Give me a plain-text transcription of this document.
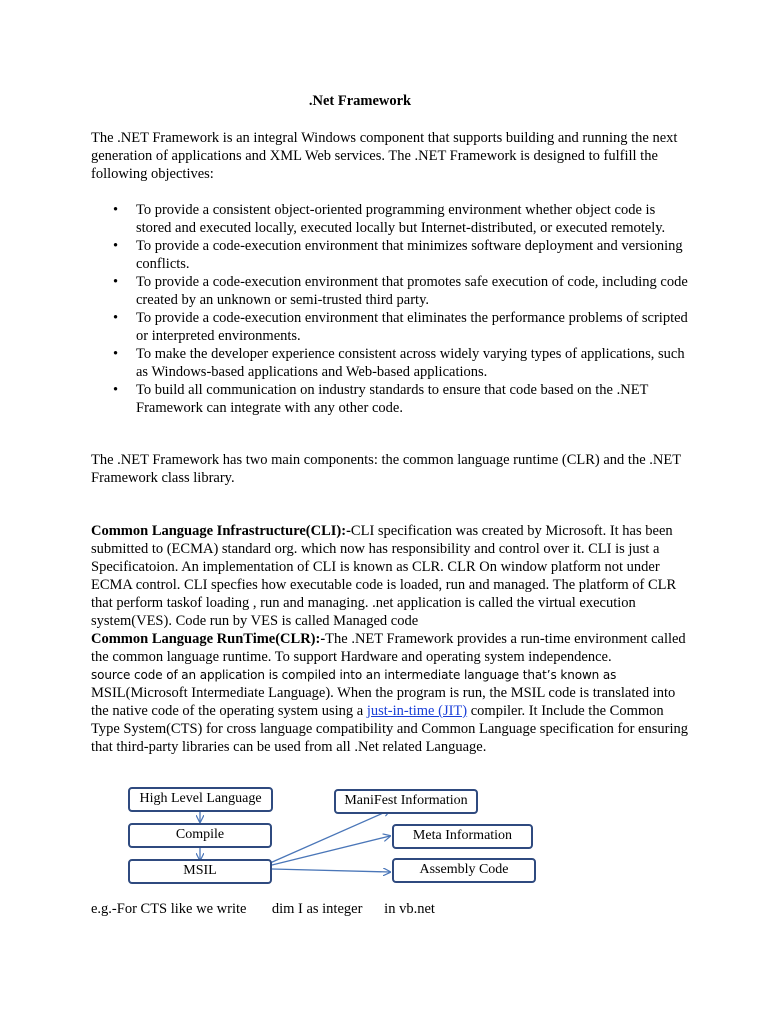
.Net Framework
The .NET Framework is an integral Windows component that supports building and running the next generation of applications and XML Web services. The .NET Framework is designed to fulfill the following objectives:
• To provide a consistent object-oriented programming environment whether object code is stored and executed locally, executed locally but Internet-distributed, or executed remotely.
• To provide a code-execution environment that minimizes software deployment and versioning conflicts.
• To provide a code-execution environment that promotes safe execution of code, including code created by an unknown or semi-trusted third party.
• To provide a code-execution environment that eliminates the performance problems of scripted or interpreted environments.
• To make the developer experience consistent across widely varying types of applications, such as Windows-based applications and Web-based applications.
• To build all communication on industry standards to ensure that code based on the .NET Framework can integrate with any other code.
The .NET Framework has two main components: the common language runtime (CLR) and the .NET Framework class library.
Common Language Infrastructure(CLI):-CLI specification was created by Microsoft. It has been submitted to (ECMA) standard org. which now has responsibility and control over it. CLI is just a Specificatoion. An implementation of CLI is known as CLR. CLR On window platform not under ECMA control. CLI specfies how executable code is loaded, run and managed. The platform of CLR that perform taskof loading , run and managing. .net application is called the virtual execution system(VES). Code run by VES is called Managed code
Common Language RunTime(CLR):-The .NET Framework provides a run-time environment called the common language runtime. To support Hardware and operating system independence.
source code of an application is compiled into an intermediate language that’s known as
MSIL(Microsoft Intermediate Language). When the program is run, the MSIL code is translated into the native code of the operating system using a just-in-time (JIT) compiler. It Include the Common Type System(CTS) for cross language compatibility and Common Language specification for ensuring that third-party libraries can be used from all .Net related Language.
High Level Language
Compile
MSIL
ManiFest Information
Meta Information
Assembly Code
e.g.-For CTS like we write       dim I as integer      in vb.net
